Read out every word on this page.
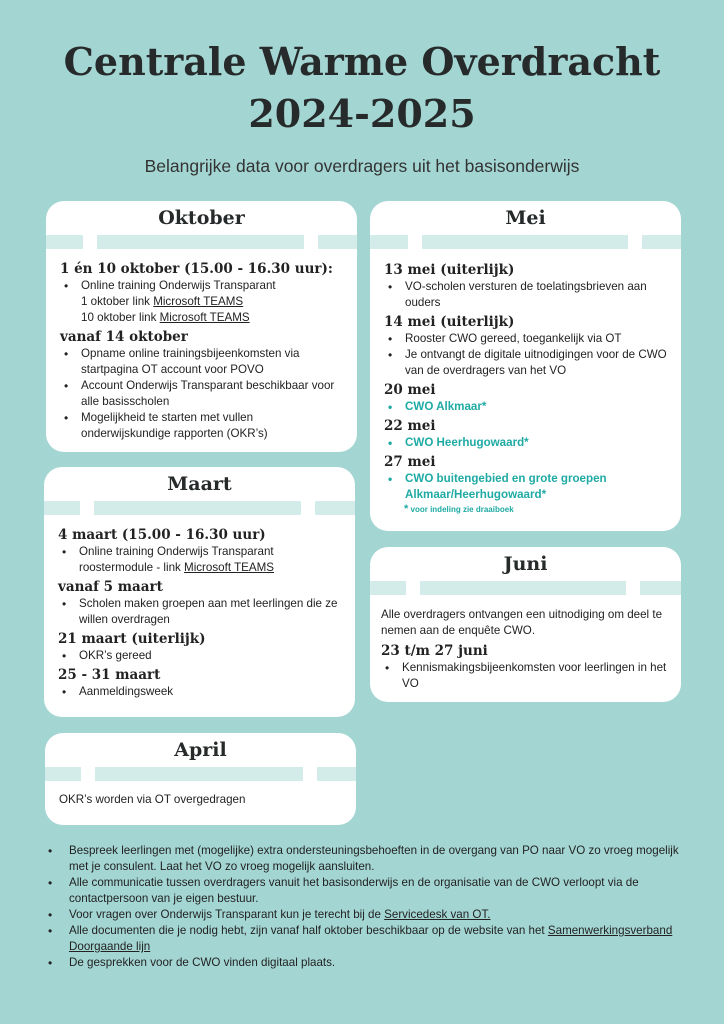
Centrale Warme Overdracht
2024-2025
Belangrijke data voor overdragers uit het basisonderwijs
Oktober
1 én 10 oktober (15.00 - 16.30 uur):
• Online training Onderwijs Transparant
1 oktober link Microsoft TEAMS
10 oktober link Microsoft TEAMS
vanaf 14 oktober
• Opname online trainingsbijeenkomsten via startpagina OT account voor POVO
• Account Onderwijs Transparant beschikbaar voor alle basisscholen
• Mogelijkheid te starten met vullen onderwijskundige rapporten (OKR’s)
Maart
4 maart (15.00 - 16.30 uur)
• Online training Onderwijs Transparant roostermodule - link Microsoft TEAMS
vanaf 5 maart
• Scholen maken groepen aan met leerlingen die ze willen overdragen
21 maart (uiterlijk)
• OKR’s gereed
25 - 31 maart
• Aanmeldingsweek
April
OKR’s worden via OT overgedragen
Mei
13 mei (uiterlijk)
• VO-scholen versturen de toelatingsbrieven aan ouders
14 mei (uiterlijk)
• Rooster CWO gereed, toegankelijk via OT
• Je ontvangt de digitale uitnodigingen voor de CWO van de overdragers van het VO
20 mei
• CWO Alkmaar*
22 mei
• CWO Heerhugowaard*
27 mei
• CWO buitengebied en grote groepen Alkmaar/Heerhugowaard*
* voor indeling zie draaiboek
Juni
Alle overdragers ontvangen een uitnodiging om deel te nemen aan de enquête CWO.
23 t/m 27 juni
• Kennismakingsbijeenkomsten voor leerlingen in het VO
• Bespreek leerlingen met (mogelijke) extra ondersteuningsbehoeften in de overgang van PO naar VO zo vroeg mogelijk met je consulent. Laat het VO zo vroeg mogelijk aansluiten.
• Alle communicatie tussen overdragers vanuit het basisonderwijs en de organisatie van de CWO verloopt via de contactpersoon van je eigen bestuur.
• Voor vragen over Onderwijs Transparant kun je terecht bij de Servicedesk van OT.
• Alle documenten die je nodig hebt, zijn vanaf half oktober beschikbaar op de website van het Samenwerkingsverband Doorgaande lijn
• De gesprekken voor de CWO vinden digitaal plaats.
